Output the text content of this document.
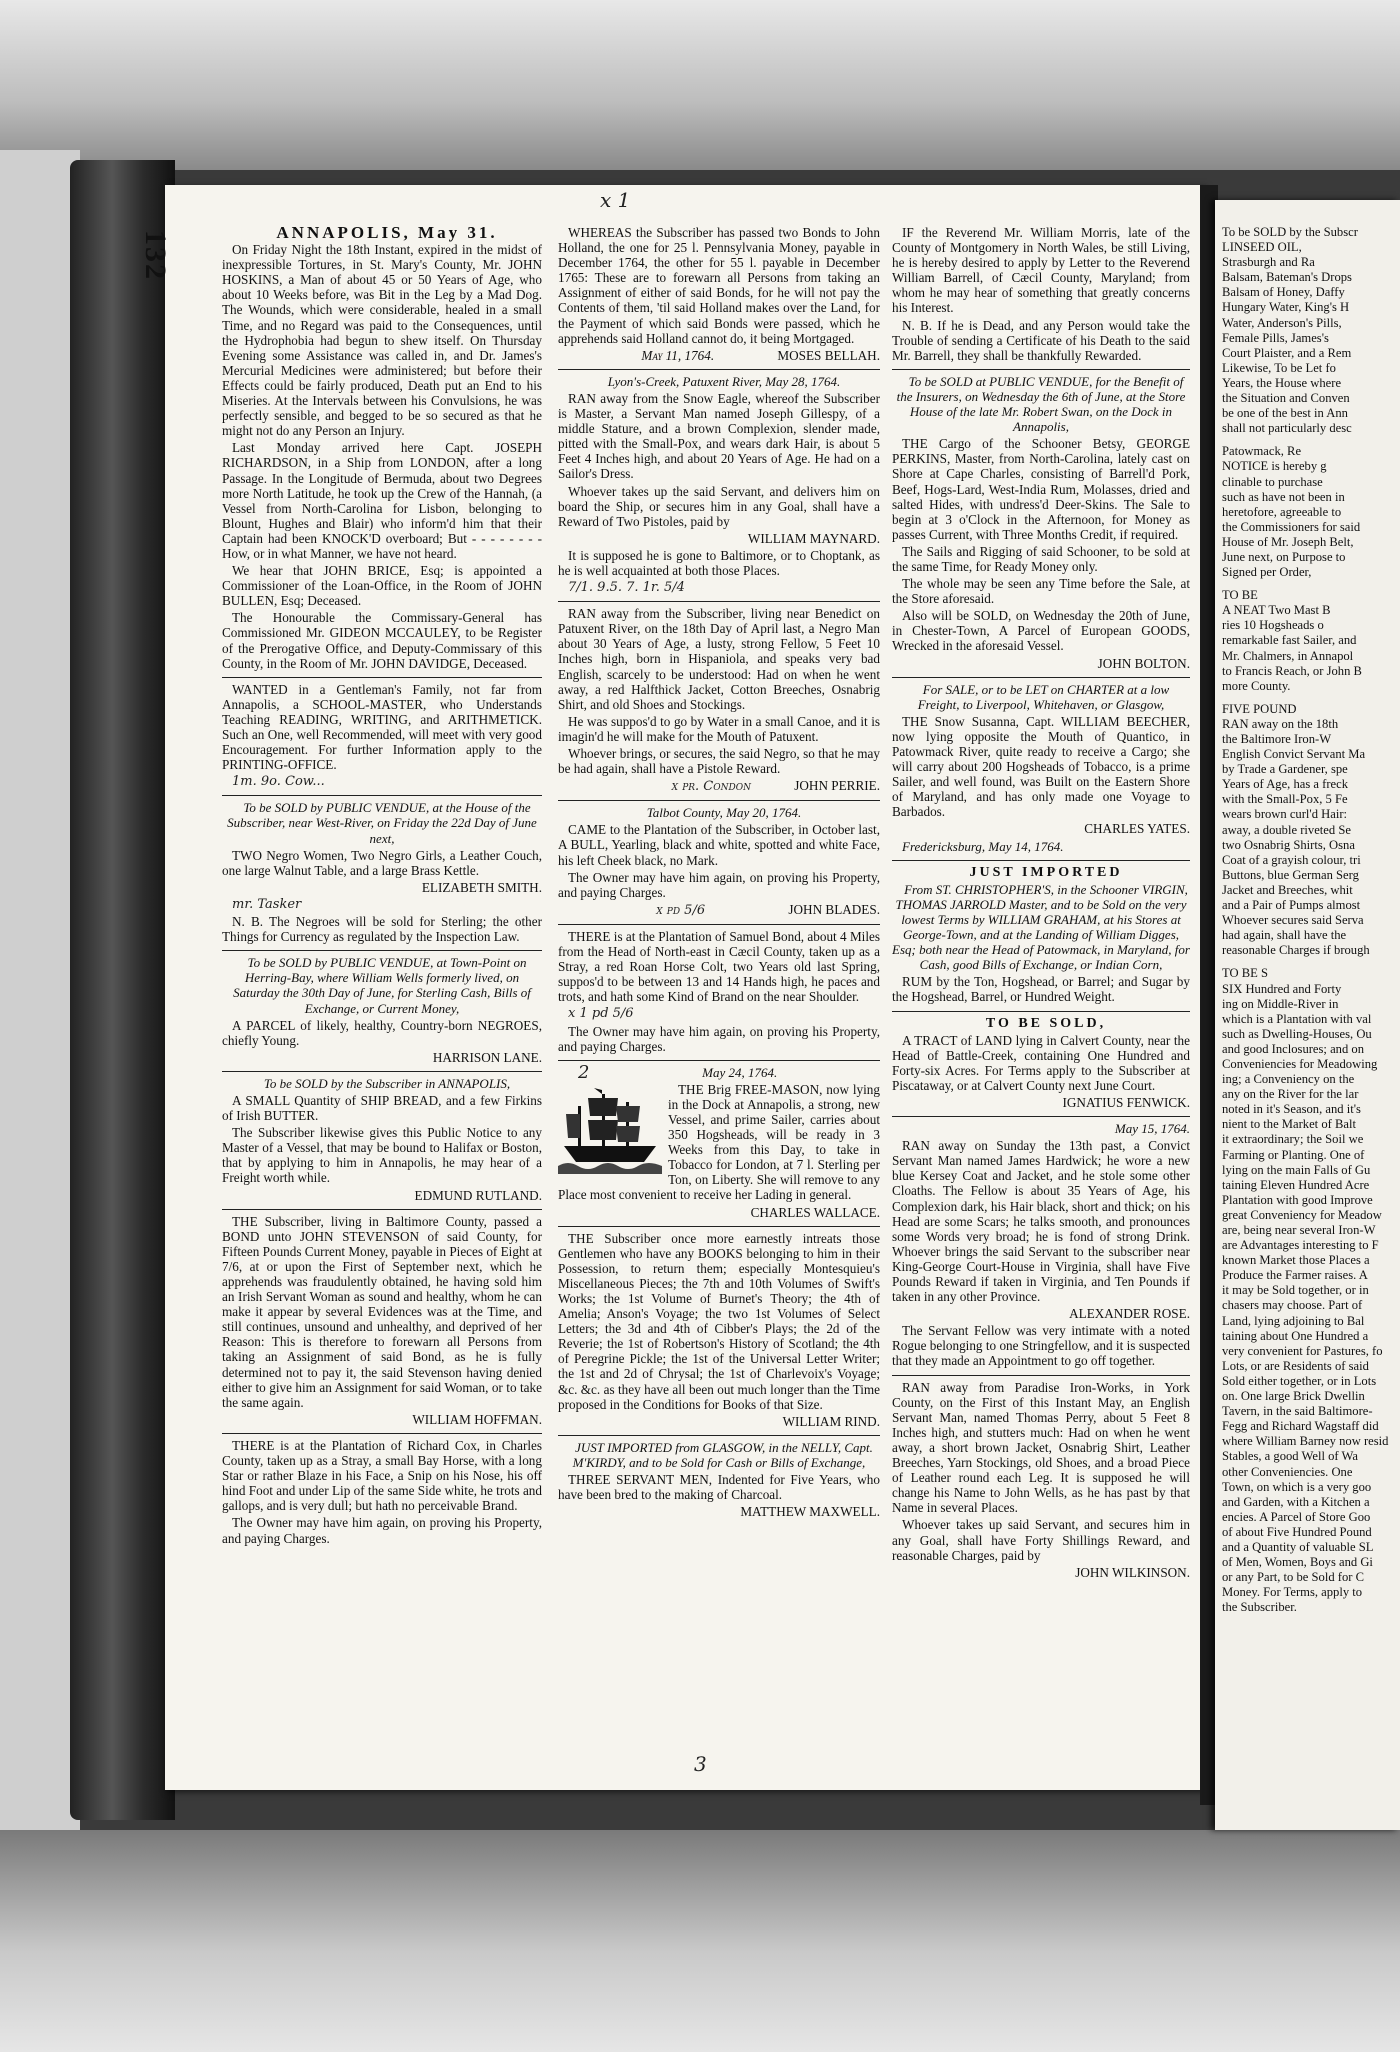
132
x 1

ANNAPOLIS, May 31.

On Friday Night the 18th Instant, expired in the midst of inexpressible Tortures, in St. Mary's County, Mr. JOHN HOSKINS, a Man of about 45 or 50 Years of Age, who about 10 Weeks before, was Bit in the Leg by a Mad Dog. The Wounds, which were considerable, healed in a small Time, and no Regard was paid to the Consequences, until the Hydrophobia had begun to shew itself. On Thursday Evening some Assistance was called in, and Dr. James's Mercurial Medicines were administered; but before their Effects could be fairly produced, Death put an End to his Miseries. At the Intervals between his Convulsions, he was perfectly sensible, and begged to be so secured as that he might not do any Person an Injury.

Last Monday arrived here Capt. JOSEPH RICHARDSON, in a Ship from LONDON, after a long Passage. In the Longitude of Bermuda, about two Degrees more North Latitude, he took up the Crew of the Hannah, (a Vessel from North-Carolina for Lisbon, belonging to Blount, Hughes and Blair) who inform'd him that their Captain had been KNOCK'D overboard; But - - - - - - - - How, or in what Manner, we have not heard.

We hear that JOHN BRICE, Esq; is appointed a Commissioner of the Loan-Office, in the Room of JOHN BULLEN, Esq; Deceased.

The Honourable the Commissary-General has Commissioned Mr. GIDEON MCCAULEY, to be Register of the Prerogative Office, and Deputy-Commissary of this County, in the Room of Mr. JOHN DAVIDGE, Deceased.

WANTED in a Gentleman's Family, not far from Annapolis, a SCHOOL-MASTER, who Understands Teaching READING, WRITING, and ARITHMETICK. Such an One, well Recommended, will meet with very good Encouragement. For further Information apply to the PRINTING-OFFICE.

1m. 9o. Cow...

To be SOLD by PUBLIC VENDUE, at the House of the Subscriber, near West-River, on Friday the 22d Day of June next,

TWO Negro Women, Two Negro Girls, a Leather Couch, one large Walnut Table, and a large Brass Kettle.

ELIZABETH SMITH.

mr. Tasker

N. B. The Negroes will be sold for Sterling; the other Things for Currency as regulated by the Inspection Law.

To be SOLD by PUBLIC VENDUE, at Town-Point on Herring-Bay, where William Wells formerly lived, on Saturday the 30th Day of June, for Sterling Cash, Bills of Exchange, or Current Money,

A PARCEL of likely, healthy, Country-born NEGROES, chiefly Young.

HARRISON LANE.

To be SOLD by the Subscriber in ANNAPOLIS,

A SMALL Quantity of SHIP BREAD, and a few Firkins of Irish BUTTER.

The Subscriber likewise gives this Public Notice to any Master of a Vessel, that may be bound to Halifax or Boston, that by applying to him in Annapolis, he may hear of a Freight worth while.

EDMUND RUTLAND.

THE Subscriber, living in Baltimore County, passed a BOND unto JOHN STEVENSON of said County, for Fifteen Pounds Current Money, payable in Pieces of Eight at 7/6, at or upon the First of September next, which he apprehends was fraudulently obtained, he having sold him an Irish Servant Woman as sound and healthy, whom he can make it appear by several Evidences was at the Time, and still continues, unsound and unhealthy, and deprived of her Reason: This is therefore to forewarn all Persons from taking an Assignment of said Bond, as he is fully determined not to pay it, the said Stevenson having denied either to give him an Assignment for said Woman, or to take the same again.

WILLIAM HOFFMAN.

THERE is at the Plantation of Richard Cox, in Charles County, taken up as a Stray, a small Bay Horse, with a long Star or rather Blaze in his Face, a Snip on his Nose, his off hind Foot and under Lip of the same Side white, he trots and gallops, and is very dull; but hath no perceivable Brand.

The Owner may have him again, on proving his Property, and paying Charges.

WHEREAS the Subscriber has passed two Bonds to John Holland, the one for 25 l. Pennsylvania Money, payable in December 1764, the other for 55 l. payable in December 1765: These are to forewarn all Persons from taking an Assignment of either of said Bonds, for he will not pay the Contents of them, 'til said Holland makes over the Land, for the Payment of which said Bonds were passed, which he apprehends said Holland cannot do, it being Mortgaged.

May 11, 1764.	MOSES BELLAH.

Lyon's-Creek, Patuxent River, May 28, 1764.

RAN away from the Snow Eagle, whereof the Subscriber is Master, a Servant Man named Joseph Gillespy, of a middle Stature, and a brown Complexion, slender made, pitted with the Small-Pox, and wears dark Hair, is about 5 Feet 4 Inches high, and about 20 Years of Age. He had on a Sailor's Dress.

Whoever takes up the said Servant, and delivers him on board the Ship, or secures him in any Goal, shall have a Reward of Two Pistoles, paid by

WILLIAM MAYNARD.

It is supposed he is gone to Baltimore, or to Choptank, as he is well acquainted at both those Places.

7/1. 9.5. 7. 1r. 5/4

RAN away from the Subscriber, living near Benedict on Patuxent River, on the 18th Day of April last, a Negro Man about 30 Years of Age, a lusty, strong Fellow, 5 Feet 10 Inches high, born in Hispaniola, and speaks very bad English, scarcely to be understood: Had on when he went away, a red Halfthick Jacket, Cotton Breeches, Osnabrig Shirt, and old Shoes and Stockings.

He was suppos'd to go by Water in a small Canoe, and it is imagin'd he will make for the Mouth of Patuxent.

Whoever brings, or secures, the said Negro, so that he may be had again, shall have a Pistole Reward.

x pr. Condon	JOHN PERRIE.

Talbot County, May 20, 1764.

CAME to the Plantation of the Subscriber, in October last, A BULL, Yearling, black and white, spotted and white Face, his left Cheek black, no Mark.

The Owner may have him again, on proving his Property, and paying Charges.

x pd 5/6	JOHN BLADES.

THERE is at the Plantation of Samuel Bond, about 4 Miles from the Head of North-east in Cæcil County, taken up as a Stray, a red Roan Horse Colt, two Years old last Spring, suppos'd to be between 13 and 14 Hands high, he paces and trots, and hath some Kind of Brand on the near Shoulder.

x 1 pd 5/6

The Owner may have him again, on proving his Property, and paying Charges.

2	May 24, 1764.

THE Brig FREE-MASON, now lying in the Dock at Annapolis, a strong, new Vessel, and prime Sailer, carries about 350 Hogsheads, will be ready in 3 Weeks from this Day, to take in Tobacco for London, at 7 l. Sterling per Ton, on Liberty. She will remove to any Place most convenient to receive her Lading in general.

CHARLES WALLACE.

THE Subscriber once more earnestly intreats those Gentlemen who have any BOOKS belonging to him in their Possession, to return them; especially Montesquieu's Miscellaneous Pieces; the 7th and 10th Volumes of Swift's Works; the 1st Volume of Burnet's Theory; the 4th of Amelia; Anson's Voyage; the two 1st Volumes of Select Letters; the 3d and 4th of Cibber's Plays; the 2d of the Reverie; the 1st of Robertson's History of Scotland; the 4th of Peregrine Pickle; the 1st of the Universal Letter Writer; the 1st and 2d of Chrysal; the 1st of Charlevoix's Voyage; &c. &c. as they have all been out much longer than the Time proposed in the Conditions for Books of that Size.

WILLIAM RIND.

JUST IMPORTED from GLASGOW, in the NELLY, Capt. M'KIRDY, and to be Sold for Cash or Bills of Exchange,

THREE SERVANT MEN, Indented for Five Years, who have been bred to the making of Charcoal.

MATTHEW MAXWELL.

3

IF the Reverend Mr. William Morris, late of the County of Montgomery in North Wales, be still Living, he is hereby desired to apply by Letter to the Reverend William Barrell, of Cæcil County, Maryland; from whom he may hear of something that greatly concerns his Interest.

N. B. If he is Dead, and any Person would take the Trouble of sending a Certificate of his Death to the said Mr. Barrell, they shall be thankfully Rewarded.

To be SOLD at PUBLIC VENDUE, for the Benefit of the Insurers, on Wednesday the 6th of June, at the Store House of the late Mr. Robert Swan, on the Dock in Annapolis,

THE Cargo of the Schooner Betsy, GEORGE PERKINS, Master, from North-Carolina, lately cast on Shore at Cape Charles, consisting of Barrell'd Pork, Beef, Hogs-Lard, West-India Rum, Molasses, dried and salted Hides, with undress'd Deer-Skins. The Sale to begin at 3 o'Clock in the Afternoon, for Money as passes Current, with Three Months Credit, if required.

The Sails and Rigging of said Schooner, to be sold at the same Time, for Ready Money only.

The whole may be seen any Time before the Sale, at the Store aforesaid.

Also will be SOLD, on Wednesday the 20th of June, in Chester-Town, A Parcel of European GOODS, Wrecked in the aforesaid Vessel.

JOHN BOLTON.

For SALE, or to be LET on CHARTER at a low Freight, to Liverpool, Whitehaven, or Glasgow,

THE Snow Susanna, Capt. WILLIAM BEECHER, now lying opposite the Mouth of Quantico, in Patowmack River, quite ready to receive a Cargo; she will carry about 200 Hogsheads of Tobacco, is a prime Sailer, and well found, was Built on the Eastern Shore of Maryland, and has only made one Voyage to Barbados.

CHARLES YATES.

Fredericksburg, May 14, 1764.

JUST IMPORTED

From ST. CHRISTOPHER'S, in the Schooner VIRGIN, THOMAS JARROLD Master, and to be Sold on the very lowest Terms by WILLIAM GRAHAM, at his Stores at George-Town, and at the Landing of William Digges, Esq; both near the Head of Patowmack, in Maryland, for Cash, good Bills of Exchange, or Indian Corn,

RUM by the Ton, Hogshead, or Barrel; and Sugar by the Hogshead, Barrel, or Hundred Weight.

TO BE SOLD,

A TRACT of LAND lying in Calvert County, near the Head of Battle-Creek, containing One Hundred and Forty-six Acres. For Terms apply to the Subscriber at Piscataway, or at Calvert County next June Court.

IGNATIUS FENWICK.

May 15, 1764.

RAN away on Sunday the 13th past, a Convict Servant Man named James Hardwick; he wore a new blue Kersey Coat and Jacket, and he stole some other Cloaths. The Fellow is about 35 Years of Age, his Complexion dark, his Hair black, short and thick; on his Head are some Scars; he talks smooth, and pronounces some Words very broad; he is fond of strong Drink. Whoever brings the said Servant to the subscriber near King-George Court-House in Virginia, shall have Five Pounds Reward if taken in Virginia, and Ten Pounds if taken in any other Province.

ALEXANDER ROSE.

The Servant Fellow was very intimate with a noted Rogue belonging to one Stringfellow, and it is suspected that they made an Appointment to go off together.

RAN away from Paradise Iron-Works, in York County, on the First of this Instant May, an English Servant Man, named Thomas Perry, about 5 Feet 8 Inches high, and stutters much: Had on when he went away, a short brown Jacket, Osnabrig Shirt, Leather Breeches, Yarn Stockings, old Shoes, and a broad Piece of Leather round each Leg. It is supposed he will change his Name to John Wells, as he has past by that Name in several Places.

Whoever takes up said Servant, and secures him in any Goal, shall have Forty Shillings Reward, and reasonable Charges, paid by

JOHN WILKINSON.

To be SOLD by the Subscr
LINSEED OIL,
Strasburgh and Ra
Balsam, Bateman's Drops
Balsam of Honey, Daffy
Hungary Water, King's H
Water, Anderson's Pills,
Female Pills, James's
Court Plaister, and a Rem
Likewise, To be Let fo
Years, the House where
the Situation and Conven
be one of the best in Ann
shall not particularly desc
Patowmack, Re
NOTICE is hereby g
clinable to purchase
such as have not been in
heretofore, agreeable to
the Commissioners for said
House of Mr. Joseph Belt,
June next, on Purpose to
Signed per Order,
TO BE
A NEAT Two Mast B
ries 10 Hogsheads o
remarkable fast Sailer, and
Mr. Chalmers, in Annapol
to Francis Reach, or John B
more County.
FIVE POUND
RAN away on the 18th
the Baltimore Iron-W
English Convict Servant Ma
by Trade a Gardener, spe
Years of Age, has a freck
with the Small-Pox, 5 Fe
wears brown curl'd Hair:
away, a double riveted Se
two Osnabrig Shirts, Osna
Coat of a grayish colour, tri
Buttons, blue German Serg
Jacket and Breeches, whit
and a Pair of Pumps almost
Whoever secures said Serva
had again, shall have the
reasonable Charges if brough
TO BE S
SIX Hundred and Forty
ing on Middle-River in
which is a Plantation with val
such as Dwelling-Houses, Ou
and good Inclosures; and on
Conveniencies for Meadowing
ing; a Conveniency on the
any on the River for the lar
noted in it's Season, and it's
nient to the Market of Balt
it extraordinary; the Soil we
Farming or Planting. One of
lying on the main Falls of Gu
taining Eleven Hundred Acre
Plantation with good Improve
great Conveniency for Meadow
are, being near several Iron-W
are Advantages interesting to F
known Market those Places a
Produce the Farmer raises. A
it may be Sold together, or in
chasers may choose. Part of
Land, lying adjoining to Bal
taining about One Hundred a
very convenient for Pastures, fo
Lots, or are Residents of said
Sold either together, or in Lots
on. One large Brick Dwellin
Tavern, in the said Baltimore-
Fegg and Richard Wagstaff did
where William Barney now resid
Stables, a good Well of Wa
other Conveniencies. One
Town, on which is a very goo
and Garden, with a Kitchen a
encies. A Parcel of Store Goo
of about Five Hundred Pound
and a Quantity of valuable SL
of Men, Women, Boys and Gi
or any Part, to be Sold for C
Money. For Terms, apply to
the Subscriber.
